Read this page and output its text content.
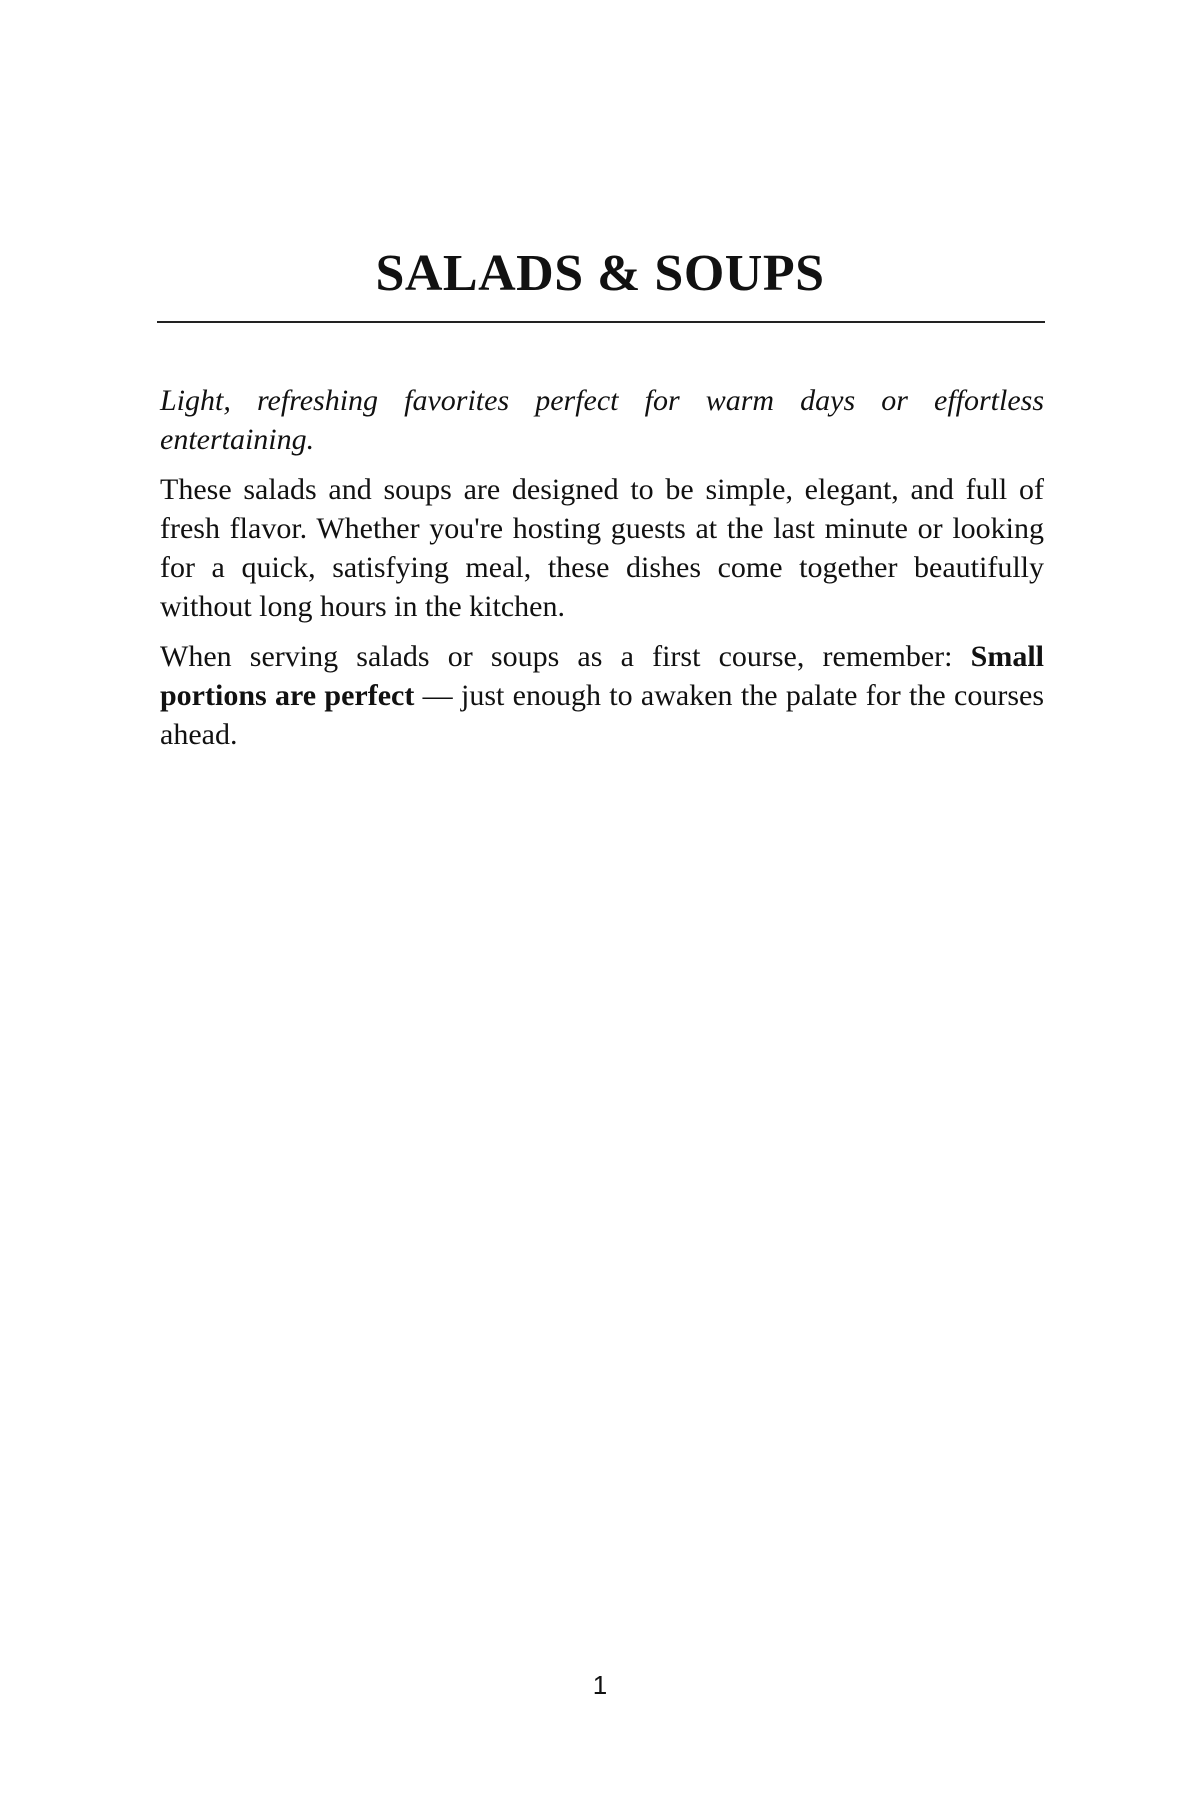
SALADS & SOUPS

Light, refreshing favorites perfect for warm days or effortless entertaining.

These salads and soups are designed to be simple, elegant, and full of fresh flavor. Whether you're hosting guests at the last minute or looking for a quick, satisfying meal, these dishes come together beautifully without long hours in the kitchen.

When serving salads or soups as a first course, remember: Small portions are perfect — just enough to awaken the palate for the courses ahead.

1
